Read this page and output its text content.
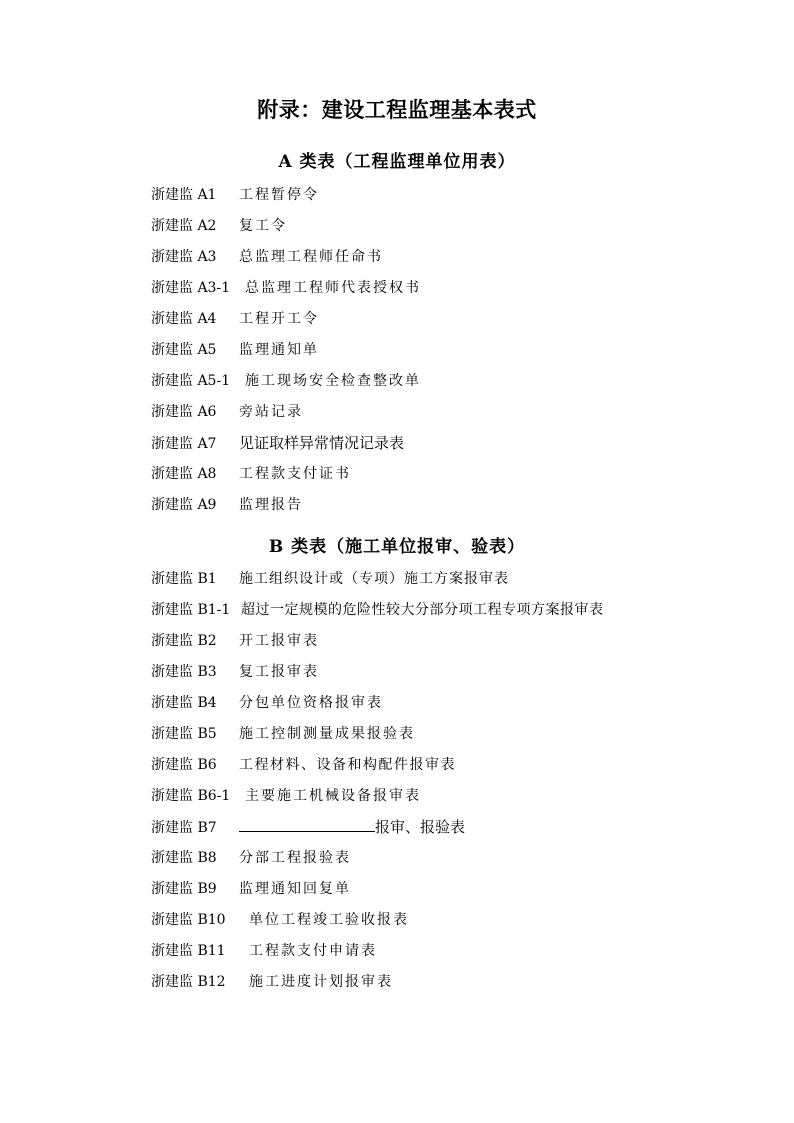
附录：建设工程监理基本表式
A 类表（工程监理单位用表）
浙建监 A1 工程暂停令
浙建监 A2 复工令
浙建监 A3 总监理工程师任命书
浙建监 A3-1 总监理工程师代表授权书
浙建监 A4 工程开工令
浙建监 A5 监理通知单
浙建监 A5-1 施工现场安全检查整改单
浙建监 A6 旁站记录
浙建监 A7 见证取样异常情况记录表
浙建监 A8 工程款支付证书
浙建监 A9 监理报告
B 类表（施工单位报审、验表）
浙建监 B1 施工组织设计或（专项）施工方案报审表
浙建监 B1-1 超过一定规模的危险性较大分部分项工程专项方案报审表
浙建监 B2 开工报审表
浙建监 B3 复工报审表
浙建监 B4 分包单位资格报审表
浙建监 B5 施工控制测量成果报验表
浙建监 B6 工程材料、设备和构配件报审表
浙建监 B6-1 主要施工机械设备报审表
浙建监 B7	报审、报验表
浙建监 B8 分部工程报验表
浙建监 B9 监理通知回复单
浙建监 B10 单位工程竣工验收报表
浙建监 B11 工程款支付申请表
浙建监 B12 施工进度计划报审表
